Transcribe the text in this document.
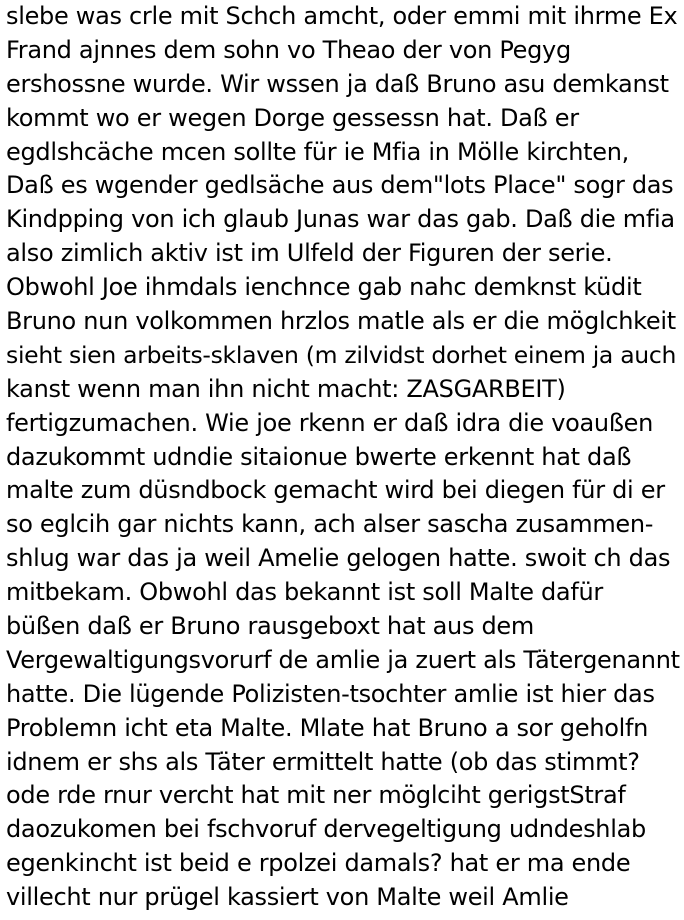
slebe was crle mit Schch amcht, oder emmi mit ihrme Ex
Frand ajnnes dem sohn vo Theao der von Pegyg
ershossne wurde. Wir wssen ja daß Bruno asu demkanst
kommt wo er wegen Dorge gessessn hat. Daß er
egdlshcäche mcen sollte für ie Mfia in Mölle kirchten,
Daß es wgender gedlsäche aus dem"lots Place" sogr das
Kindpping von ich glaub Junas war das gab. Daß die mfia
also zimlich aktiv ist im Ulfeld der Figuren der serie.
Obwohl Joe ihmdals ienchnce gab nahc demknst küdit
Bruno nun volkommen hrzlos matle als er die möglchkeit
sieht sien arbeits-sklaven (m zilvidst dorhet einem ja auch
kanst wenn man ihn nicht macht: ZASGARBEIT)
fertigzumachen. Wie joe rkenn er daß idra die voaußen
dazukommt udndie sitaionue bwerte erkennt hat daß
malte zum düsndbock gemacht wird bei diegen für di er
so eglcih gar nichts kann, ach alser sascha zusammen-
shlug war das ja weil Amelie gelogen hatte. swoit ch das
mitbekam. Obwohl das bekannt ist soll Malte dafür
büßen daß er Bruno rausgeboxt hat aus dem
Vergewaltigungsvorurf de amlie ja zuert als Tätergenannt
hatte. Die lügende Polizisten-tsochter amlie ist hier das
Problemn icht eta Malte. Mlate hat Bruno a sor geholfn
idnem er shs als Täter ermittelt hatte (ob das stimmt?
ode rde rnur vercht hat mit ner möglciht gerigstStraf
daozukomen bei fschvoruf dervegeltigung udndeshlab
egenkincht ist beid e rpolzei damals? hat er ma ende
villecht nur prügel kassiert von Malte weil Amlie
